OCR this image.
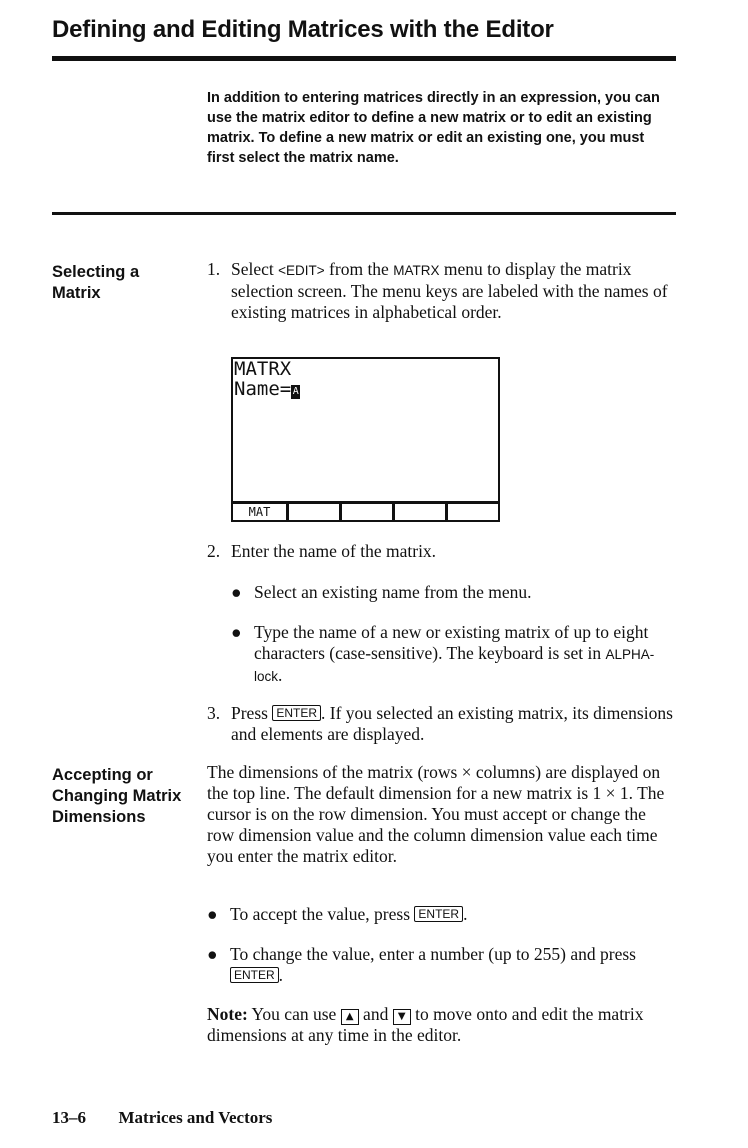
Defining and Editing Matrices with the Editor
In addition to entering matrices directly in an expression, you can use the matrix editor to define a new matrix or to edit an existing matrix. To define a new matrix or edit an existing one, you must first select the matrix name.
Selecting a
Matrix
1. Select <EDIT> from the MATRX menu to display the matrix selection screen. The menu keys are labeled with the names of existing matrices in alphabetical order.
MATRX
Name=A
MAT
2. Enter the name of the matrix.
● Select an existing name from the menu.
● Type the name of a new or existing matrix of up to eight characters (case-sensitive). The keyboard is set in ALPHA-lock.
3. Press ENTER . If you selected an existing matrix, its dimensions and elements are displayed.
Accepting or
Changing Matrix
Dimensions
The dimensions of the matrix (rows × columns) are displayed on the top line. The default dimension for a new matrix is 1 × 1. The cursor is on the row dimension. You must accept or change the row dimension value and the column dimension value each time you enter the matrix editor.
● To accept the value, press ENTER .
● To change the value, enter a number (up to 255) and press ENTER .
Note: You can use ▲ and ▼ to move onto and edit the matrix dimensions at any time in the editor.
13–6 Matrices and Vectors
